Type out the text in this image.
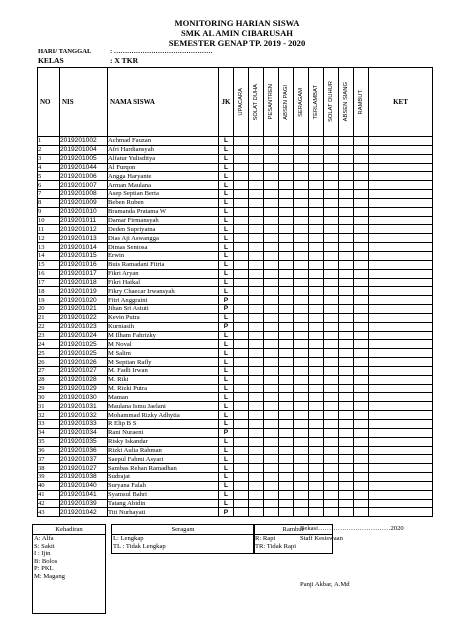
MONITORING HARIAN SISWA
SMK AL AMIN CIBARUSAH
SEMESTER GENAP TP. 2019 - 2020
HARI/ TANGGAL	: ………………………………………
KELAS	: X TKR
NO	NIS	NAMA SISWA	JK	UPACARA	SOLAT DUHA	PESANTREN	ABSEN PAGI	SERAGAM	TERLAMBAT	SOLAT DUHUR	ABSEN SIANG	RAMBUT	KET
1	2019201002	Achmad Fauzan	L										
2	2019201004	Afri Hardiansyah	L										
3	2019201005	Alfatur Yulisditya	L										
4	2019201044	Al Furqon	L										
5	2019201006	Angga Haryante	L										
6	2019201007	Arman Maulana	L										
7	2019201008	Asep Septian Berta	L										
8	2019201009	Beben Ruben	L										
9	2019201010	Bramanda Pratama W	L										
10	2019201011	Damar Firmansyah	L										
11	2019201012	Deden Supriyatna	L										
12	2019201013	Dias Aji Aswangga	L										
13	2019201014	Dimas Sentosa	L										
14	2019201015	Erwin	L										
15	2019201016	Buis Ramadani Fitria	L										
16	2019201017	Fikri Aryan	L										
17	2019201018	Fikri Haikal	L										
18	2019201019	Fikry Chaecar Irwansyah	L										
19	2019201020	Fitri Anggraini	P										
20	2019201021	Jihan Sri Astuti	P										
21	2019201022	Kevin Putra	L										
22	2019201023	Kurniasih	P										
23	2019201024	M Ilham Fahrizky	L										
24	2019201025	M Noval	L										
25	2019201025	M Salim	L										
26	2019201026	M Septian Rafly	L										
27	2019201027	M. Fadli Irwan	L										
28	2019201028	M. Riki	L										
29	2019201029	M. Rizki Putra	L										
30	2019201030	Maman	L										
31	2019201031	Maulana Ismu Jaelani	L										
32	2019201032	Mohammad Rizky Adhytia	L										
33	2019201033	R Elip B S	L										
34	2019201034	Rani Nuraeni	P										
35	2019201035	Risky Iskandar	L										
36	2019201036	Rizki Aulia Rahman	L										
37	2019201037	Saepul Fahmi Asyari	L										
38	2019201027	Sambas Rehan Ramadhan	L										
39	2019201038	Sudrajat	L										
40	2019201040	Suryana Falah	L										
41	2019201041	Syamsul Bahri	L										
42	2019201039	Tatang Abidin	L										
43	2019201042	Titi Nurhayati	P										
Kehadiran
A: Alfa
S: Sakit
I : Ijin
B: Bolos
P: PKL
M: Magang
Seragam
L: Lengkap
TL : Tidak Lengkap
Rambut
R: Rapi
TR: Tidak Rapi
Bekasi……………………………2020
Staff Kesiswaan
Panji Akbar, A.Md
